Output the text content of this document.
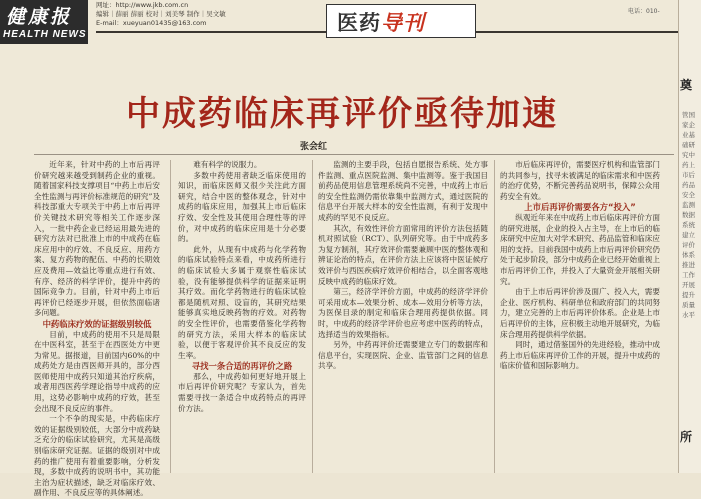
健康报
HEALTH NEWS
网址：http://www.jkb.com.cn
编辑｜薛丽 薛丽 校对｜刘美琴 制作｜吴文敏
E-mail：xueyuan01435@163.com	医药导刊	电话：010-
中成药临床再评价亟待加速
张会红

近年来，针对中药的上市后再评价研究越来越受到制药企业的重视。随着国家科技支撑项目“中药上市后安全性监测与再评价标准规范的研究”及科技部重大专项关于中药上市后再评价关键技术研究等相关工作逐步深入，一批中药企业已经运用最先进的研究方法对已批准上市的中成药在临床应用中的疗效、不良反应、用药方案、复方药物的配伍、中药的长期效应及费用—效益比等重点进行有效、有序、经济的科学评价，提升中药的国际竞争力。目前，针对中药上市后再评价已经逐步开展，但依然面临诸多问题。

中药临床疗效的证据级别较低

目前，中成药的使用不只是局限在中医科室，甚至于在西医处方中更为常见。据报道，目前国内60%的中成药处方是由西医师开具的，部分西医师使用中成药只知道其治疗疾病，或者用西医药学理论指导中成药的应用，这势必影响中成药的疗效，甚至会出现不良反应的事件。

一个不争的现实是，中药临床疗效的证据级别较低，大部分中成药缺乏充分的临床试验研究，尤其是高级别临床研究证据。证据的级别对中成药的推广使用有着重要影响，分析发现，多数中成药的说明书中，其功能主治为症状描述，缺乏对临床疗效、副作用、不良反应等的具体阐述。

难有科学的说服力。

多数中药使用者缺乏临床使用的知识，而临床医师又很少关注此方面研究，结合中医的整体观念，针对中成药的临床应用，加强其上市后临床疗效、安全性及其使用合理性等的评价，对中成药的临床应用是十分必要的。

此外，从现有中成药与化学药物的临床试验特点来看，中成药所进行的临床试验大多属于观察性临床试验，没有能够提供科学的证据来证明其疗效。而化学药物进行的临床试验都是随机对照、设盲的，其研究结果能够真实地反映药物的疗效。对药物的安全性评价，也需要借鉴化学药物的研究方法，采用大样本的临床试验，以便于客观评价其不良反应的发生率。

寻找一条合适的再评价之路

那么，中成药如何更好地开展上市后再评价研究呢？专家认为，首先需要寻找一条适合中成药特点的再评价方法。

监测的主要手段，包括自愿报告系统、处方事件监测、重点医院监测、集中监测等。鉴于我国目前药品使用信息管理系统尚不完善，中成药上市后的安全性监测仍需依靠集中监测方式，通过医院的信息平台开展大样本的安全性监测，有利于发现中成药的罕见不良反应。

其次，有效性评价方面常用的评价方法包括随机对照试验（RCT）、队列研究等。由于中成药多为复方制剂，其疗效评价需要兼顾中医的整体观和辨证论治的特点，在评价方法上应该将中医证候疗效评价与西医疾病疗效评价相结合，以全面客观地反映中成药的临床疗效。

第三，经济学评价方面，中成药的经济学评价可采用成本—效果分析、成本—效用分析等方法，为医保目录的制定和临床合理用药提供依据。同时，中成药的经济学评价也应考虑中医药的特点，选择适当的效果指标。

另外，中药再评价还需要建立专门的数据库和信息平台，实现医院、企业、监管部门之间的信息共享。

市后临床再评价，需要医疗机构和监管部门的共同参与，找寻未被满足的临床需求和中医药的治疗优势，不断完善药品说明书，保障公众用药安全有效。

上市后再评价需要各方“投入”

纵观近年来在中成药上市后临床再评价方面的研究进展，企业的投入占主导，在上市后的临床研究中应加大对学术研究、药品监管和临床应用的支持。目前我国中成药上市后再评价研究仍处于起步阶段，部分中成药企业已经开始重视上市后再评价工作，并投入了大量资金开展相关研究。

由于上市后再评价涉及面广、投入大，需要企业、医疗机构、科研单位和政府部门的共同努力，建立完善的上市后再评价体系。企业是上市后再评价的主体，应积极主动地开展研究，为临床合理用药提供科学依据。

同时，通过借鉴国外的先进经验，推动中成药上市后临床再评价工作的开展，提升中成药的临床价值和国际影响力。

奠
管国家企业基础研究中药上市后药品安全监测数据系统建立评价体系推进工作开展提升质量水平
所
